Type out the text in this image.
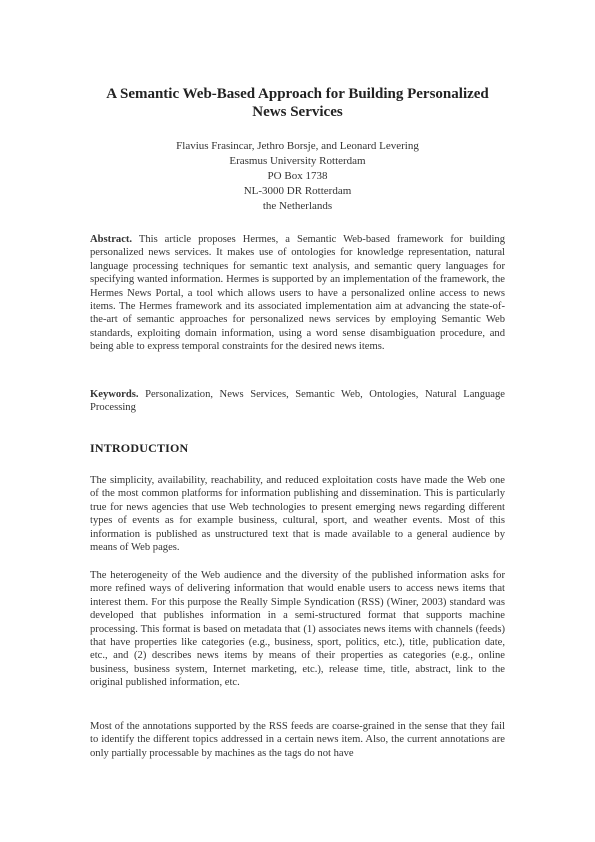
A Semantic Web-Based Approach for Building Personalized News Services
Flavius Frasincar, Jethro Borsje, and Leonard Levering
Erasmus University Rotterdam
PO Box 1738
NL-3000 DR Rotterdam
the Netherlands

Abstract. This article proposes Hermes, a Semantic Web-based framework for building personalized news services. It makes use of ontologies for knowledge representation, natural language processing techniques for semantic text analysis, and semantic query languages for specifying wanted information. Hermes is supported by an implementation of the framework, the Hermes News Portal, a tool which allows users to have a personalized online access to news items. The Hermes framework and its associated implementation aim at advancing the state-of-the-art of semantic approaches for personalized news services by employing Semantic Web standards, exploiting domain information, using a word sense disambiguation procedure, and being able to express temporal constraints for the desired news items.

Keywords. Personalization, News Services, Semantic Web, Ontologies, Natural Language Processing

INTRODUCTION

The simplicity, availability, reachability, and reduced exploitation costs have made the Web one of the most common platforms for information publishing and dissemination. This is particularly true for news agencies that use Web technologies to present emerging news regarding different types of events as for example business, cultural, sport, and weather events. Most of this information is published as unstructured text that is made available to a general audience by means of Web pages.

The heterogeneity of the Web audience and the diversity of the published information asks for more refined ways of delivering information that would enable users to access news items that interest them. For this purpose the Really Simple Syndication (RSS) (Winer, 2003) standard was developed that publishes information in a semi-structured format that supports machine processing. This format is based on metadata that (1) associates news items with channels (feeds) that have properties like categories (e.g., business, sport, politics, etc.), title, publication date, etc., and (2) describes news items by means of their properties as categories (e.g., online business, business system, Internet marketing, etc.), release time, title, abstract, link to the original published information, etc.

Most of the annotations supported by the RSS feeds are coarse-grained in the sense that they fail to identify the different topics addressed in a certain news item. Also, the current annotations are only partially processable by machines as the tags do not have
